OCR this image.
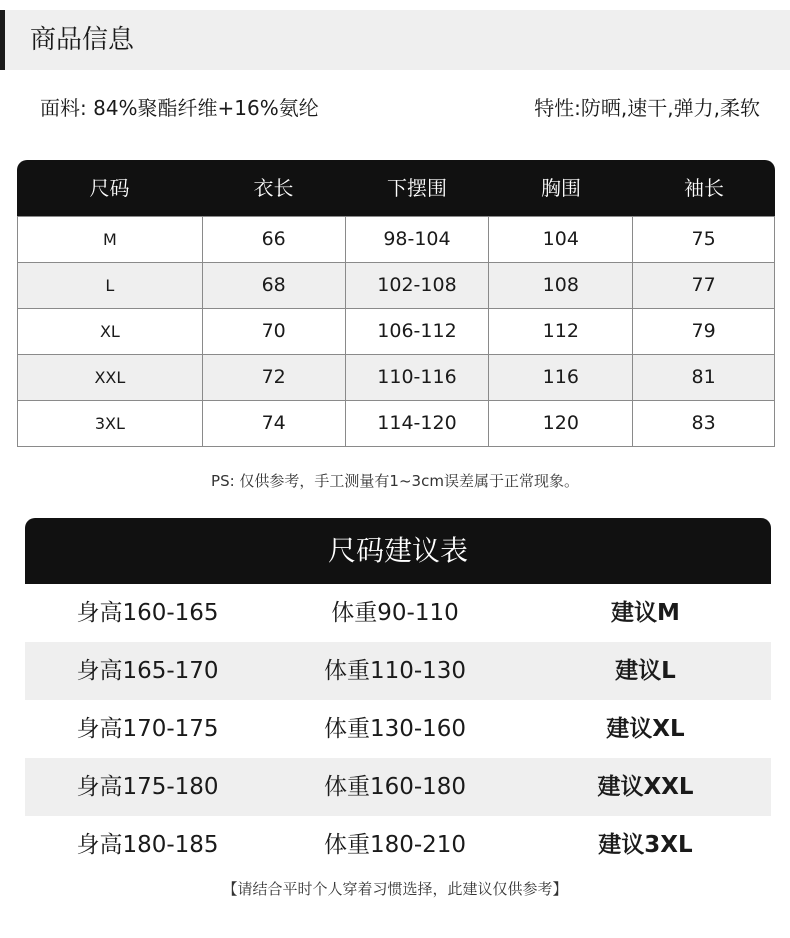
商品信息
面料: 84%聚酯纤维+16%氨纶	特性:防晒,速干,弹力,柔软
尺码	衣长	下摆围	胸围	袖长
M	66	98-104	104	75
L	68	102-108	108	77
XL	70	106-112	112	79
XXL	72	110-116	116	81
3XL	74	114-120	120	83
PS: 仅供参考，手工测量有1~3cm误差属于正常现象。
尺码建议表
身高160-165	体重90-110	建议M
身高165-170	体重110-130	建议L
身高170-175	体重130-160	建议XL
身高175-180	体重160-180	建议XXL
身高180-185	体重180-210	建议3XL
【请结合平时个人穿着习惯选择，此建议仅供参考】
